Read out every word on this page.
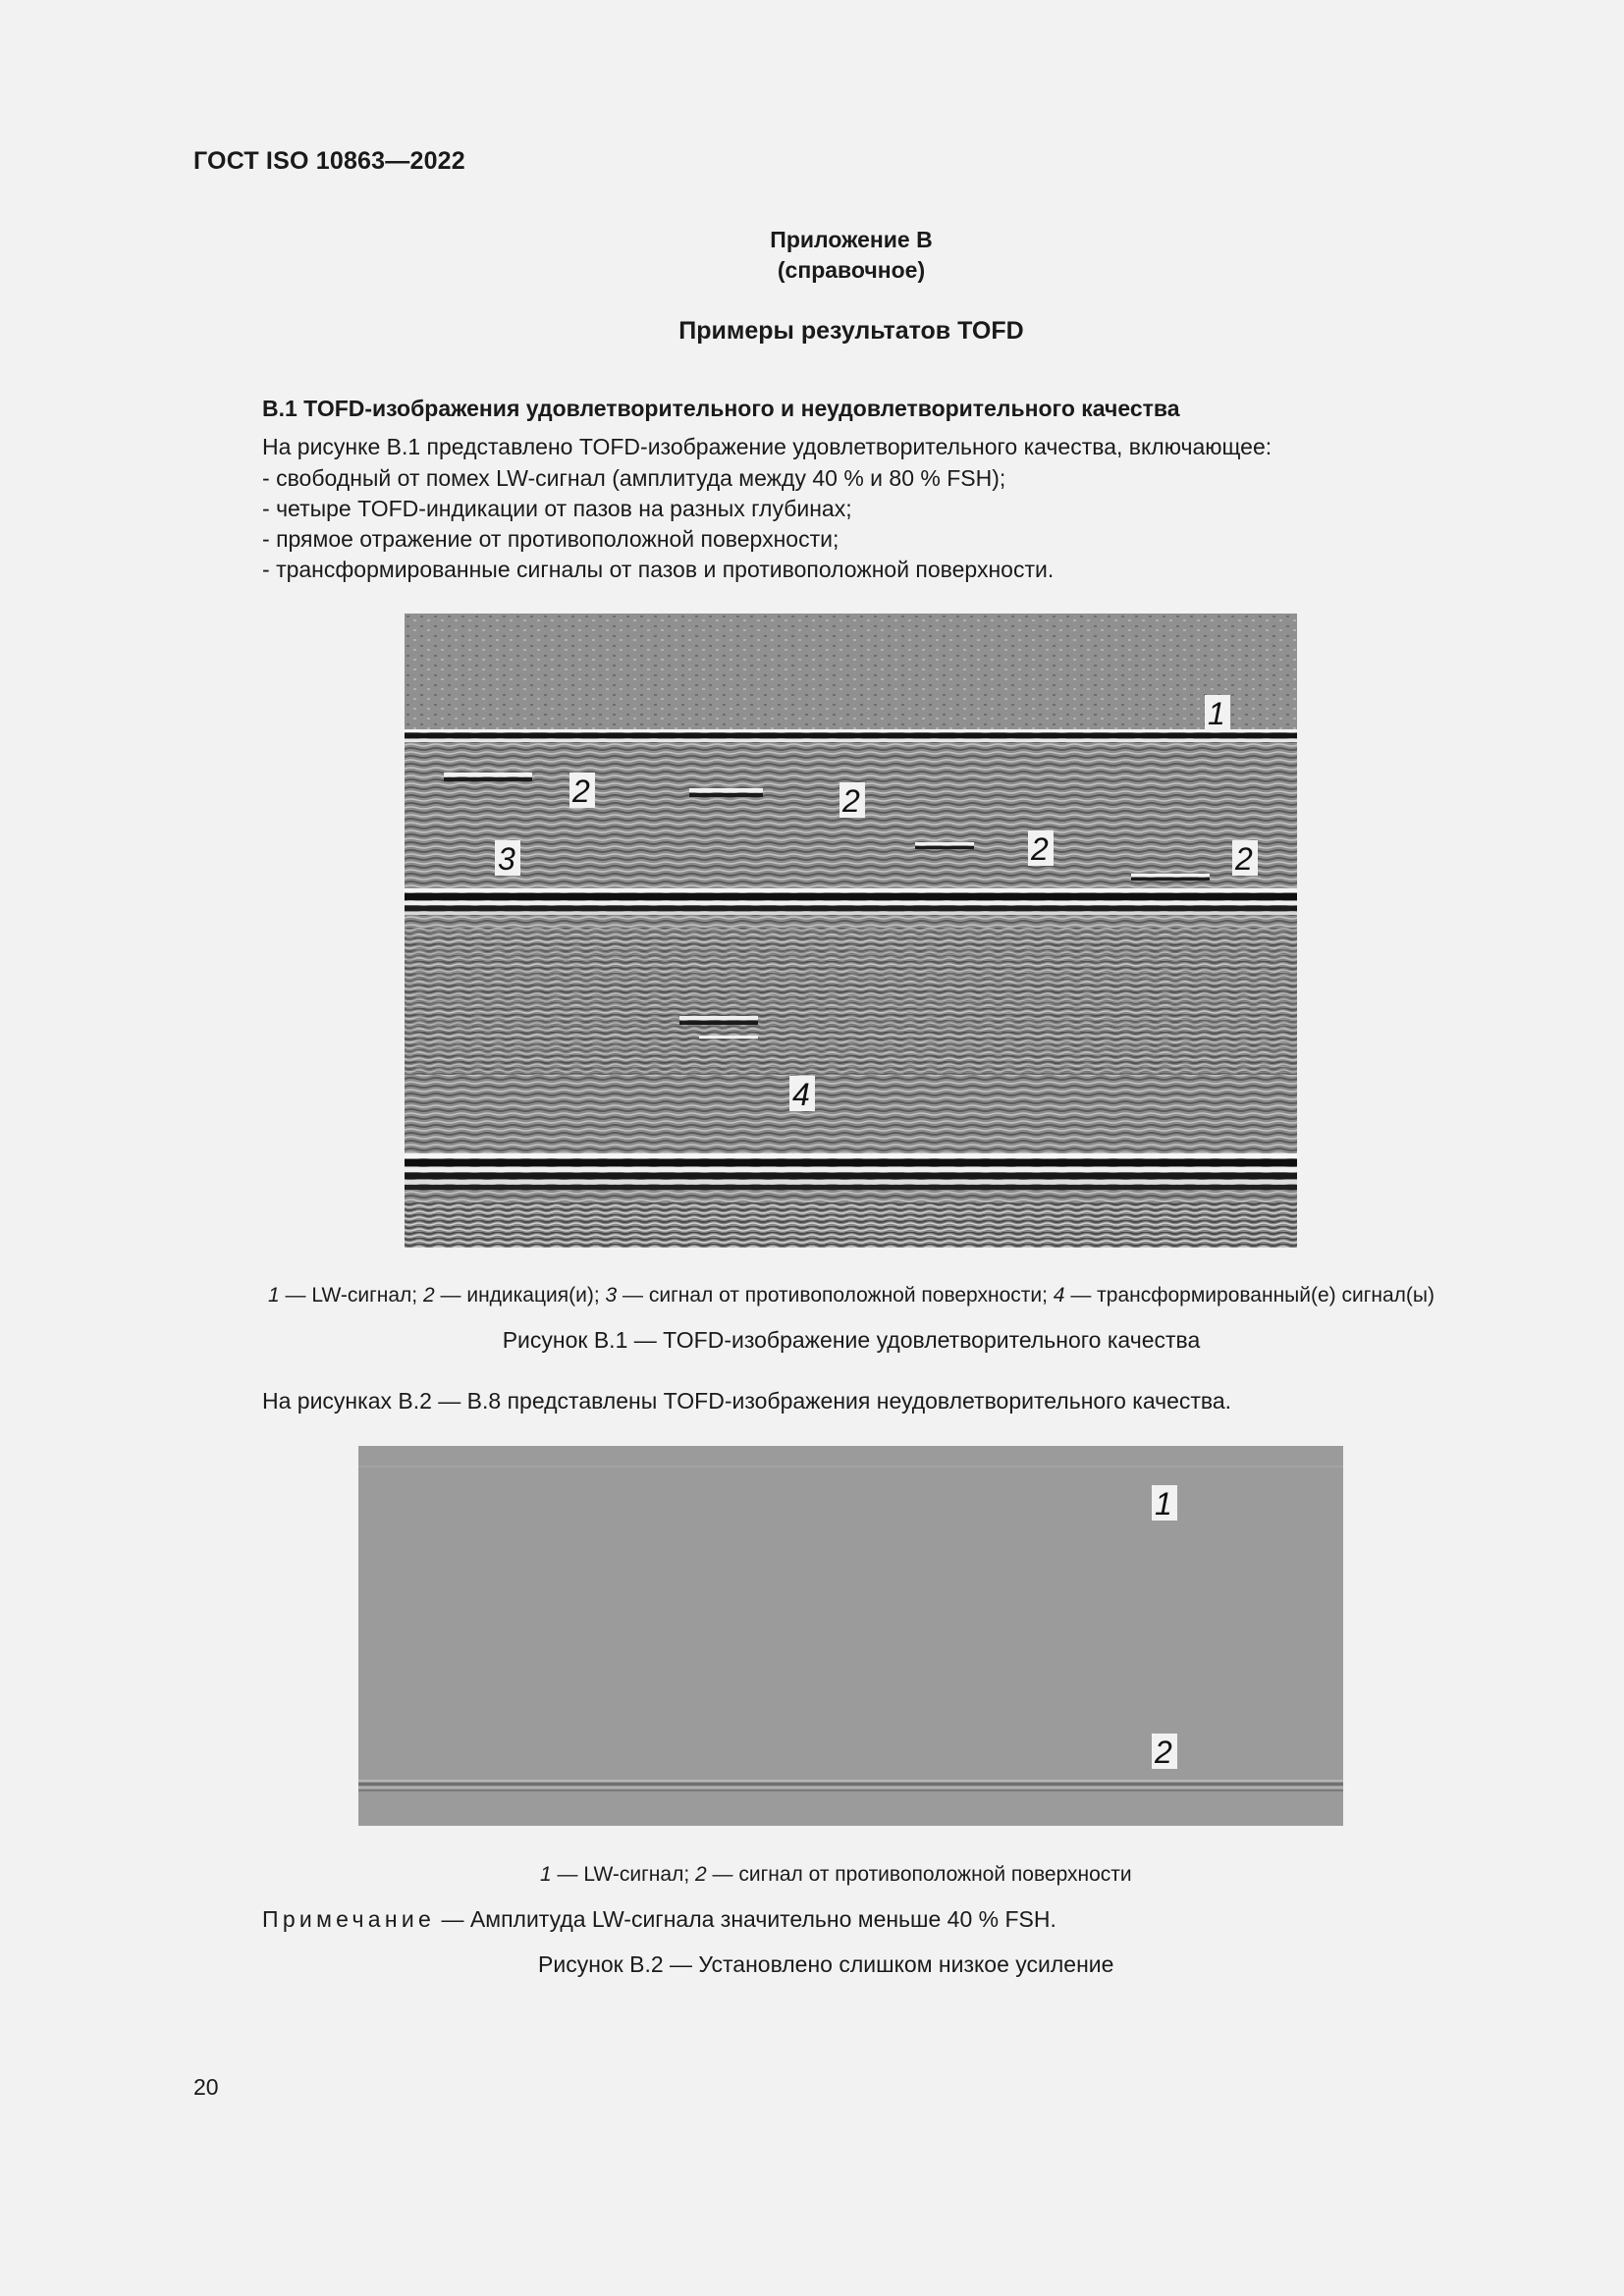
ГОСТ ISO 10863—2022
Приложение В
(справочное)
Примеры результатов TOFD
В.1 TOFD-изображения удовлетворительного и неудовлетворительного качества
На рисунке В.1 представлено TOFD-изображение удовлетворительного качества, включающее:
- свободный от помех LW-сигнал (амплитуда между 40 % и 80 % FSH);
- четыре TOFD-индикации от пазов на разных глубинах;
- прямое отражение от противоположной поверхности;
- трансформированные сигналы от пазов и противоположной поверхности.
1
2	2
2	2
3
4
1 — LW-сигнал; 2 — индикация(и); 3 — сигнал от противоположной поверхности; 4 — трансформированный(е) сигнал(ы)
Рисунок В.1 — TOFD-изображение удовлетворительного качества
На рисунках В.2 — В.8 представлены TOFD-изображения неудовлетворительного качества.
1
2
1 — LW-сигнал; 2 — сигнал от противоположной поверхности
Примечание — Амплитуда LW-сигнала значительно меньше 40 % FSH.
Рисунок В.2 — Установлено слишком низкое усиление
20
